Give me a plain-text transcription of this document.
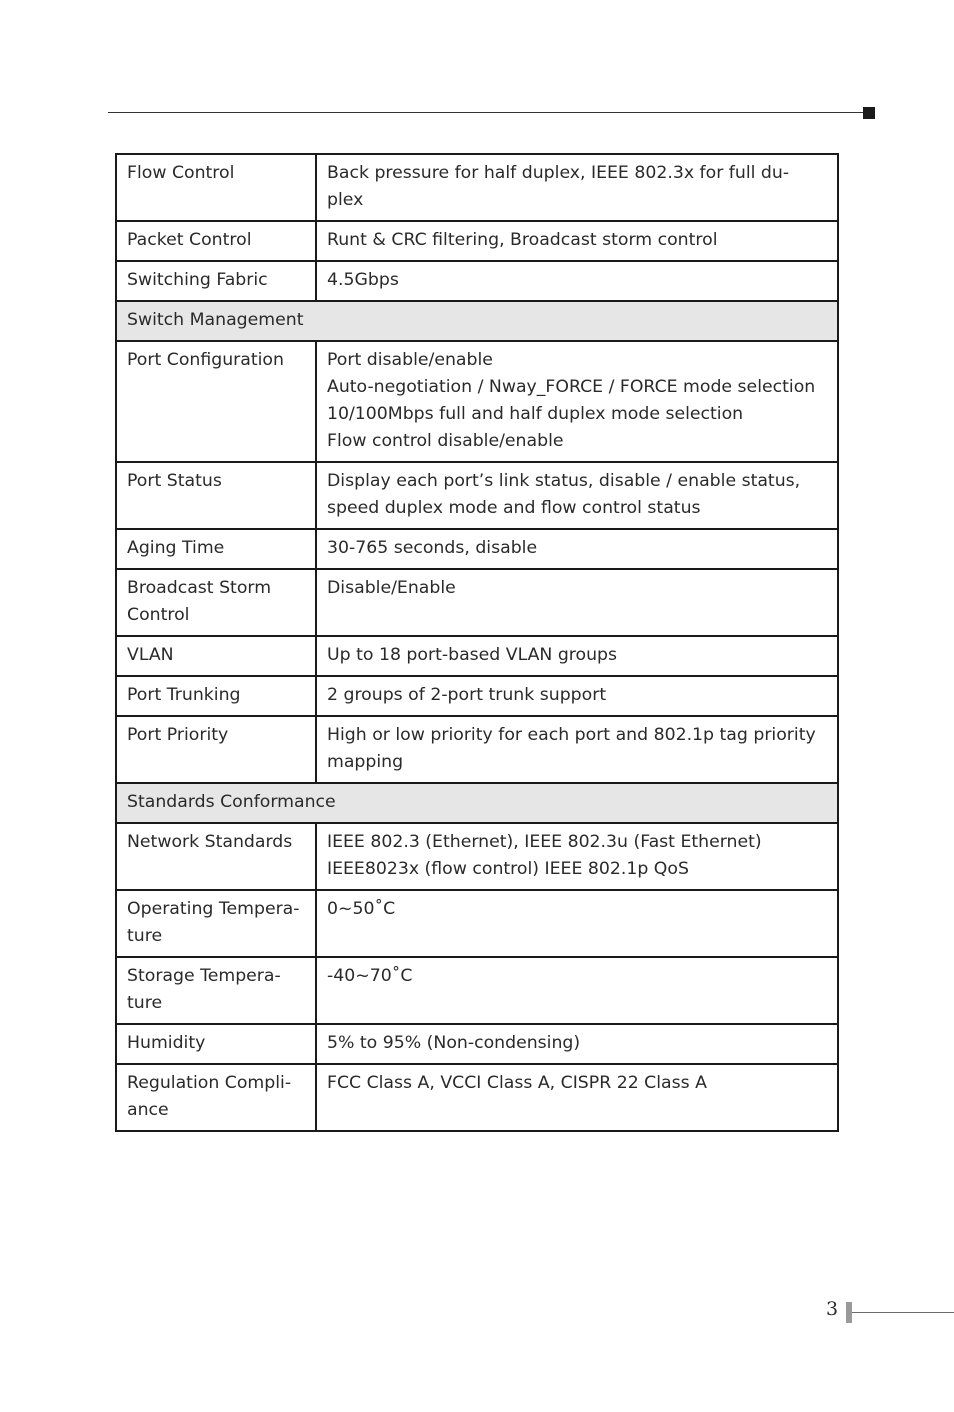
Flow Control	Back pressure for half duplex, IEEE 802.3x for full du-
plex
Packet Control	Runt & CRC filtering, Broadcast storm control
Switching Fabric	4.5Gbps
Switch Management	
Port Configuration	Port disable/enable
Auto-negotiation / Nway_FORCE / FORCE mode selection
10/100Mbps full and half duplex mode selection
Flow control disable/enable
Port Status	Display each port’s link status, disable / enable status,
speed duplex mode and flow control status
Aging Time	30-765 seconds, disable
Broadcast Storm
Control	Disable/Enable
VLAN	Up to 18 port-based VLAN groups
Port Trunking	2 groups of 2-port trunk support
Port Priority	High or low priority for each port and 802.1p tag priority
mapping
Standards Conformance	
Network Standards	IEEE 802.3 (Ethernet), IEEE 802.3u (Fast Ethernet)
IEEE8023x (flow control) IEEE 802.1p QoS
Operating Tempera-
ture	0~50˚C
Storage Tempera-
ture	-40~70˚C
Humidity	5% to 95% (Non-condensing)
Regulation Compli-
ance	FCC Class A, VCCI Class A, CISPR 22 Class A
3
